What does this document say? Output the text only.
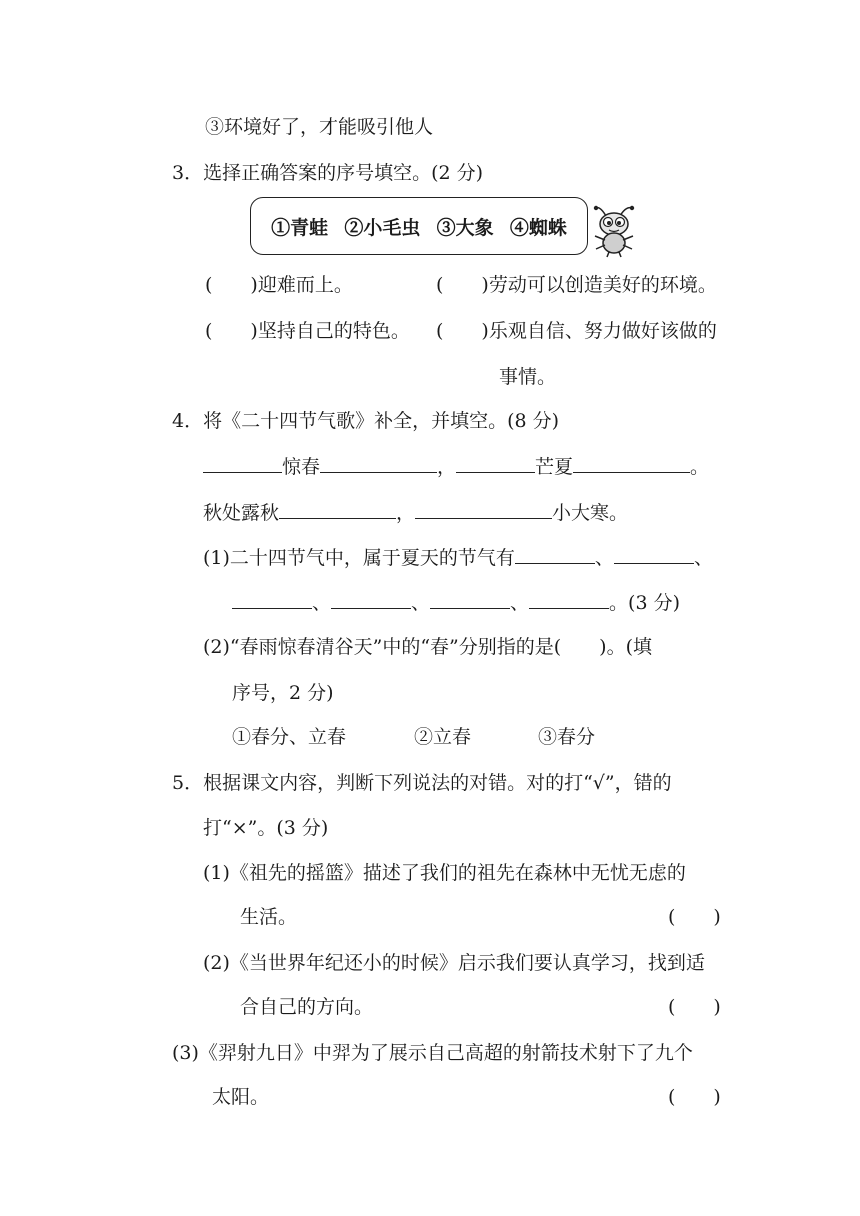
③环境好了，才能吸引他人
3．选择正确答案的序号填空。(2 分)
①青蛙 ②小毛虫 ③大象 ④蜘蛛
(　　)迎难而上。	(　　)劳动可以创造美好的环境。
(　　)坚持自己的特色。 (　　)乐观自信、努力做好该做的
事情。
4．将《二十四节气歌》补全，并填空。(8 分)
惊春	，	芒夏	。
秋处露秋	，	小大寒。
(1)二十四节气中，属于夏天的节气有	、	、
、	、	、	。(3 分)
(2)“春雨惊春清谷天”中的“春”分别指的是(　　)。(填
序号，2 分)
①春分、立春	②立春	③春分
5．根据课文内容，判断下列说法的对错。对的打“√”，错的
打“×”。(3 分)
(1)《祖先的摇篮》描述了我们的祖先在森林中无忧无虑的
生活。	(　　)
(2)《当世界年纪还小的时候》启示我们要认真学习，找到适
合自己的方向。	(　　)
(3)《羿射九日》中羿为了展示自己高超的射箭技术射下了九个
太阳。	(　　)
